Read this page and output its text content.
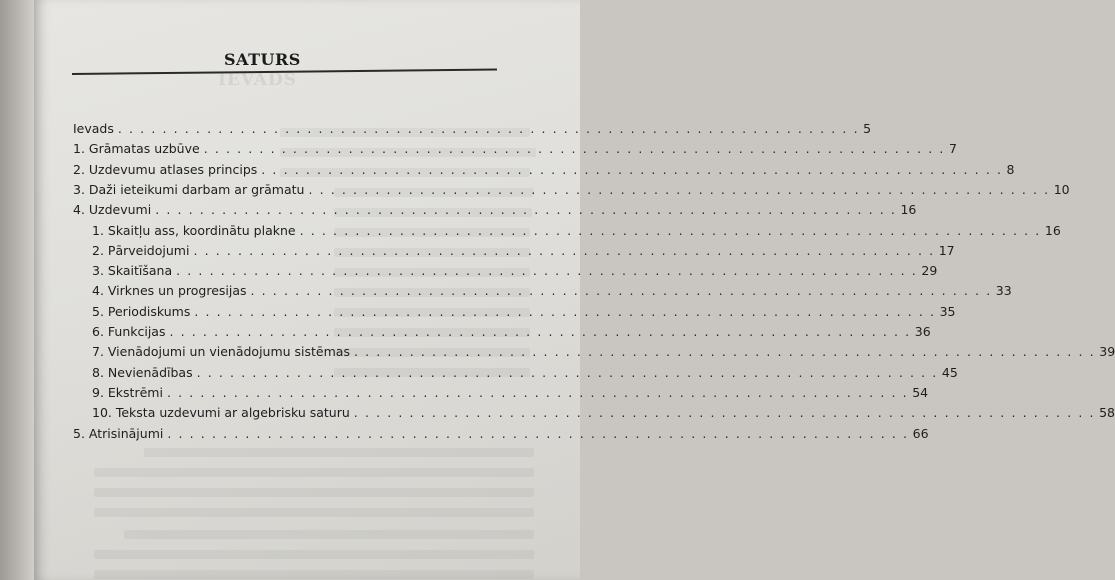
IEVADS
SATURS
Ievads . . . . . . . . . . . . . . . . . . . . . . . . . . . . . . . . . . . . . . . . . . . . . . . . . . . . . . . . . . . . . . . . . . . 5
1. Grāmatas uzbūve . . . . . . . . . . . . . . . . . . . . . . . . . . . . . . . . . . . . . . . . . . . . . . . . . . . . . . . . . . . . . . . . . . . 7
2. Uzdevumu atlases princips . . . . . . . . . . . . . . . . . . . . . . . . . . . . . . . . . . . . . . . . . . . . . . . . . . . . . . . . . . . . . . . . . . . 8
3. Daži ieteikumi darbam ar grāmatu . . . . . . . . . . . . . . . . . . . . . . . . . . . . . . . . . . . . . . . . . . . . . . . . . . . . . . . . . . . . . . . . . . . 10
4. Uzdevumi . . . . . . . . . . . . . . . . . . . . . . . . . . . . . . . . . . . . . . . . . . . . . . . . . . . . . . . . . . . . . . . . . . . 16
1. Skaitļu ass, koordinātu plakne . . . . . . . . . . . . . . . . . . . . . . . . . . . . . . . . . . . . . . . . . . . . . . . . . . . . . . . . . . . . . . . . . . . 16
2. Pārveidojumi . . . . . . . . . . . . . . . . . . . . . . . . . . . . . . . . . . . . . . . . . . . . . . . . . . . . . . . . . . . . . . . . . . . 17
3. Skaitīšana . . . . . . . . . . . . . . . . . . . . . . . . . . . . . . . . . . . . . . . . . . . . . . . . . . . . . . . . . . . . . . . . . . . 29
4. Virknes un progresijas . . . . . . . . . . . . . . . . . . . . . . . . . . . . . . . . . . . . . . . . . . . . . . . . . . . . . . . . . . . . . . . . . . . 33
5. Periodiskums . . . . . . . . . . . . . . . . . . . . . . . . . . . . . . . . . . . . . . . . . . . . . . . . . . . . . . . . . . . . . . . . . . . 35
6. Funkcijas . . . . . . . . . . . . . . . . . . . . . . . . . . . . . . . . . . . . . . . . . . . . . . . . . . . . . . . . . . . . . . . . . . . 36
7. Vienādojumi un vienādojumu sistēmas . . . . . . . . . . . . . . . . . . . . . . . . . . . . . . . . . . . . . . . . . . . . . . . . . . . . . . . . . . . . . . . . . . . 39
8. Nevienādības . . . . . . . . . . . . . . . . . . . . . . . . . . . . . . . . . . . . . . . . . . . . . . . . . . . . . . . . . . . . . . . . . . . 45
9. Ekstrēmi . . . . . . . . . . . . . . . . . . . . . . . . . . . . . . . . . . . . . . . . . . . . . . . . . . . . . . . . . . . . . . . . . . . 54
10. Teksta uzdevumi ar algebrisku saturu . . . . . . . . . . . . . . . . . . . . . . . . . . . . . . . . . . . . . . . . . . . . . . . . . . . . . . . . . . . . . . . . . . . 58
5. Atrisinājumi . . . . . . . . . . . . . . . . . . . . . . . . . . . . . . . . . . . . . . . . . . . . . . . . . . . . . . . . . . . . . . . . . . . 66
